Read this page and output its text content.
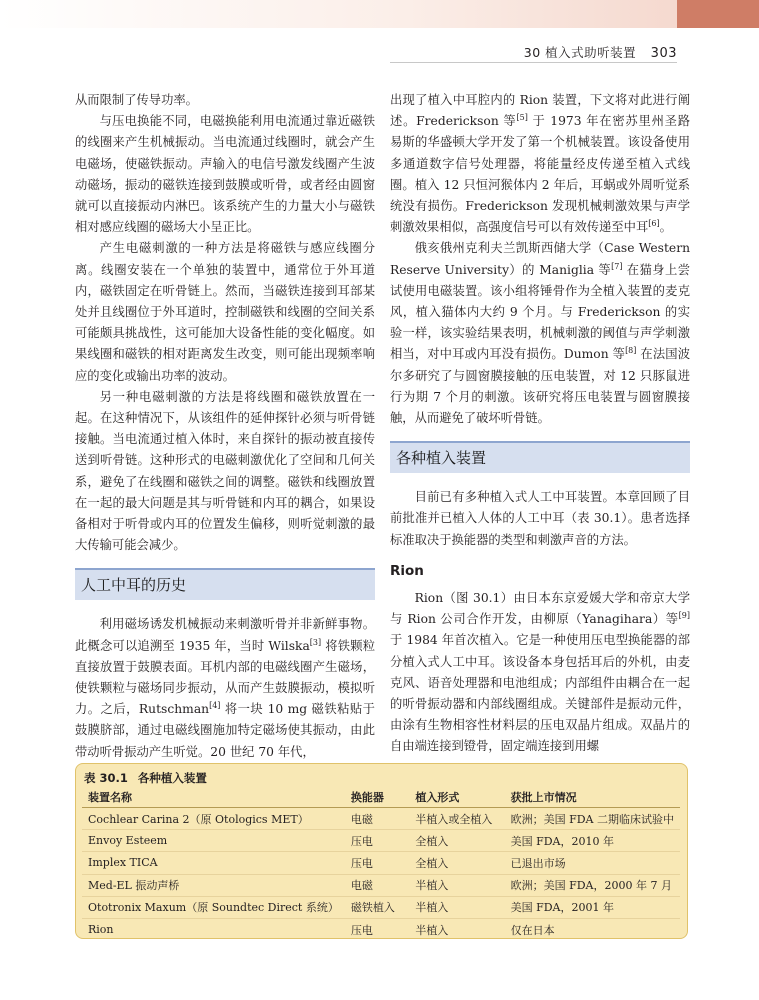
30 植入式助听装置 303

从而限制了传导功率。

与压电换能不同，电磁换能利用电流通过靠近磁铁的线圈来产生机械振动。当电流通过线圈时，就会产生电磁场，使磁铁振动。声输入的电信号激发线圈产生波动磁场，振动的磁铁连接到鼓膜或听骨，或者经由圆窗就可以直接振动内淋巴。该系统产生的力量大小与磁铁相对感应线圈的磁场大小呈正比。

产生电磁刺激的一种方法是将磁铁与感应线圈分离。线圈安装在一个单独的装置中，通常位于外耳道内，磁铁固定在听骨链上。然而，当磁铁连接到耳部某处并且线圈位于外耳道时，控制磁铁和线圈的空间关系可能颇具挑战性，这可能加大设备性能的变化幅度。如果线圈和磁铁的相对距离发生改变，则可能出现频率响应的变化或输出功率的波动。

另一种电磁刺激的方法是将线圈和磁铁放置在一起。在这种情况下，从该组件的延伸探针必须与听骨链接触。当电流通过植入体时，来自探针的振动被直接传送到听骨链。这种形式的电磁刺激优化了空间和几何关系，避免了在线圈和磁铁之间的调整。磁铁和线圈放置在一起的最大问题是其与听骨链和内耳的耦合，如果设备相对于听骨或内耳的位置发生偏移，则听觉刺激的最大传输可能会减少。

人工中耳的历史

利用磁场诱发机械振动来刺激听骨并非新鲜事物。此概念可以追溯至 1935 年，当时 Wilska[3] 将铁颗粒直接放置于鼓膜表面。耳机内部的电磁线圈产生磁场，使铁颗粒与磁场同步振动，从而产生鼓膜振动，模拟听力。之后，Rutschman[4] 将一块 10 mg 磁铁粘贴于鼓膜脐部，通过电磁线圈施加特定磁场使其振动，由此带动听骨振动产生听觉。20 世纪 70 年代，

出现了植入中耳腔内的 Rion 装置，下文将对此进行阐述。Frederickson 等[5] 于 1973 年在密苏里州圣路易斯的华盛顿大学开发了第一个机械装置。该设备使用多通道数字信号处理器，将能量经皮传递至植入式线圈。植入 12 只恒河猴体内 2 年后，耳蜗或外周听觉系统没有损伤。Frederickson 发现机械刺激效果与声学刺激效果相似，高强度信号可以有效传递至中耳[6]。

俄亥俄州克利夫兰凯斯西储大学（Case Western Reserve University）的 Maniglia 等[7] 在猫身上尝试使用电磁装置。该小组将锤骨作为全植入装置的麦克风，植入猫体内大约 9 个月。与 Frederickson 的实验一样，该实验结果表明，机械刺激的阈值与声学刺激相当，对中耳或内耳没有损伤。Dumon 等[8] 在法国波尔多研究了与圆窗膜接触的压电装置，对 12 只豚鼠进行为期 7 个月的刺激。该研究将压电装置与圆窗膜接触，从而避免了破坏听骨链。

各种植入装置

目前已有多种植入式人工中耳装置。本章回顾了目前批准并已植入人体的人工中耳（表 30.1）。患者选择标准取决于换能器的类型和刺激声音的方法。

Rion

Rion（图 30.1）由日本东京爱媛大学和帝京大学与 Rion 公司合作开发，由柳原（Yanagihara）等[9] 于 1984 年首次植入。它是一种使用压电型换能器的部分植入式人工中耳。该设备本身包括耳后的外机，由麦克风、语音处理器和电池组成；内部组件由耦合在一起的听骨振动器和内部线圈组成。关键部件是振动元件，由涂有生物相容性材料层的压电双晶片组成。双晶片的自由端连接到镫骨，固定端连接到用螺

表 30.1 各种植入装置
装置名称	换能器	植入形式	获批上市情况
Cochlear Carina 2（原 Otologics MET）	电磁	半植入或全植入	欧洲；美国 FDA 二期临床试验中
Envoy Esteem	压电	全植入	美国 FDA，2010 年
Implex TICA	压电	全植入	已退出市场
Med-EL 振动声桥	电磁	半植入	欧洲；美国 FDA，2000 年 7 月
Ototronix Maxum（原 Soundtec Direct 系统）	磁铁植入	半植入	美国 FDA，2001 年
Rion	压电	半植入	仅在日本
